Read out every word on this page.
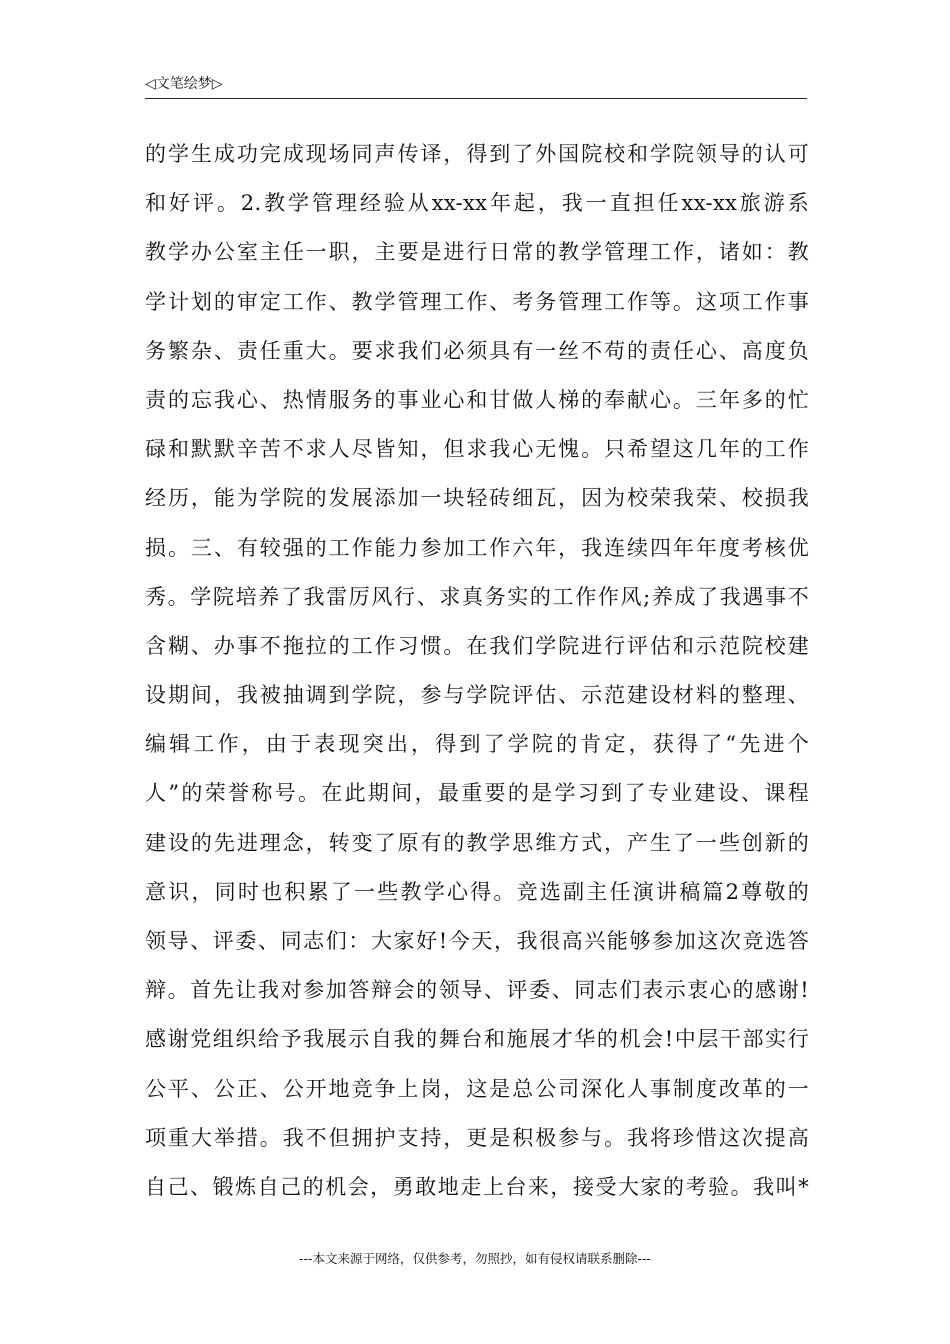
◁文笔绘梦▷
的学生成功完成现场同声传译，得到了外国院校和学院领导的认可
和好评。2.教学管理经验从xx-xx年起，我一直担任xx-xx旅游系
教学办公室主任一职，主要是进行日常的教学管理工作，诸如：教
学计划的审定工作、教学管理工作、考务管理工作等。这项工作事
务繁杂、责任重大。要求我们必须具有一丝不苟的责任心、高度负
责的忘我心、热情服务的事业心和甘做人梯的奉献心。三年多的忙
碌和默默辛苦不求人尽皆知，但求我心无愧。只希望这几年的工作
经历，能为学院的发展添加一块轻砖细瓦，因为校荣我荣、校损我
损。三、有较强的工作能力参加工作六年，我连续四年年度考核优
秀。学院培养了我雷厉风行、求真务实的工作作风;养成了我遇事不
含糊、办事不拖拉的工作习惯。在我们学院进行评估和示范院校建
设期间，我被抽调到学院，参与学院评估、示范建设材料的整理、
编辑工作，由于表现突出，得到了学院的肯定，获得了“先进个
人”的荣誉称号。在此期间，最重要的是学习到了专业建设、课程
建设的先进理念，转变了原有的教学思维方式，产生了一些创新的
意识，同时也积累了一些教学心得。竞选副主任演讲稿篇2尊敬的
领导、评委、同志们：大家好!今天，我很高兴能够参加这次竞选答
辩。首先让我对参加答辩会的领导、评委、同志们表示衷心的感谢!
感谢党组织给予我展示自我的舞台和施展才华的机会!中层干部实行
公平、公正、公开地竞争上岗，这是总公司深化人事制度改革的一
项重大举措。我不但拥护支持，更是积极参与。我将珍惜这次提高
自己、锻炼自己的机会，勇敢地走上台来，接受大家的考验。我叫*
---本文来源于网络，仅供参考，勿照抄，如有侵权请联系删除---
